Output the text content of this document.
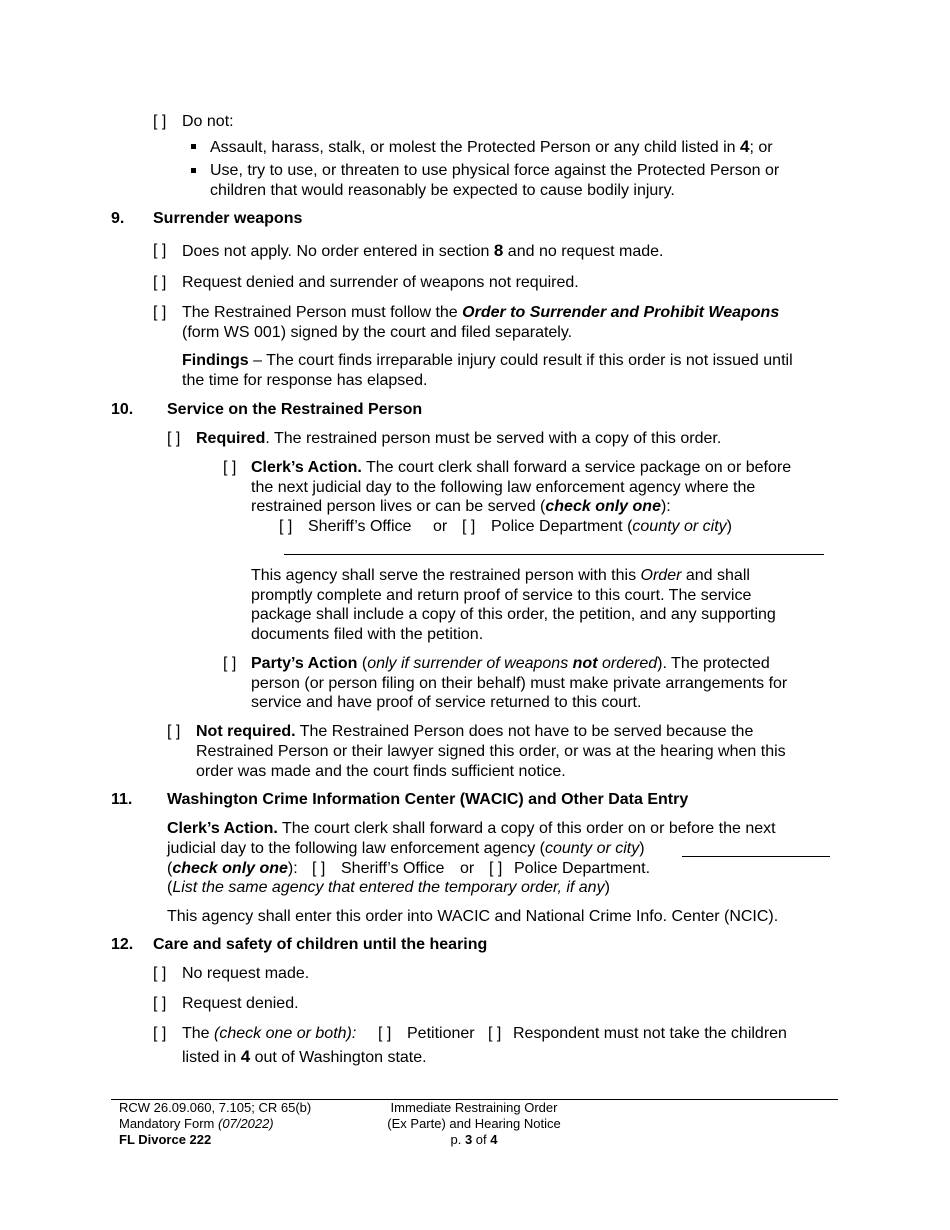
[ ] Do not:
Assault, harass, stalk, or molest the Protected Person or any child listed in 4; or
Use, try to use, or threaten to use physical force against the Protected Person or
children that would reasonably be expected to cause bodily injury.
9. Surrender weapons
[ ] Does not apply. No order entered in section 8 and no request made.
[ ] Request denied and surrender of weapons not required.
[ ] The Restrained Person must follow the Order to Surrender and Prohibit Weapons
(form WS 001) signed by the court and filed separately.
Findings – The court finds irreparable injury could result if this order is not issued until
the time for response has elapsed.
10. Service on the Restrained Person
[ ] Required. The restrained person must be served with a copy of this order.
[ ] Clerk’s Action. The court clerk shall forward a service package on or before
the next judicial day to the following law enforcement agency where the
restrained person lives or can be served (check only one):
[ ] Sheriff’s Office or [ ] Police Department (county or city)
This agency shall serve the restrained person with this Order and shall
promptly complete and return proof of service to this court. The service
package shall include a copy of this order, the petition, and any supporting
documents filed with the petition.
[ ] Party’s Action (only if surrender of weapons not ordered). The protected
person (or person filing on their behalf) must make private arrangements for
service and have proof of service returned to this court.
[ ] Not required. The Restrained Person does not have to be served because the
Restrained Person or their lawyer signed this order, or was at the hearing when this
order was made and the court finds sufficient notice.
11. Washington Crime Information Center (WACIC) and Other Data Entry
Clerk’s Action. The court clerk shall forward a copy of this order on or before the next
judicial day to the following law enforcement agency (county or city)
(check only one): [ ] Sheriff’s Office or [ ] Police Department.
(List the same agency that entered the temporary order, if any)
This agency shall enter this order into WACIC and National Crime Info. Center (NCIC).
12. Care and safety of children until the hearing
[ ] No request made.
[ ] Request denied.
[ ] The (check one or both): [ ] Petitioner [ ] Respondent must not take the children
listed in 4 out of Washington state.
RCW 26.09.060, 7.105; CR 65(b)
Mandatory Form (07/2022)
FL Divorce 222
Immediate Restraining Order
(Ex Parte) and Hearing Notice
p. 3 of 4
